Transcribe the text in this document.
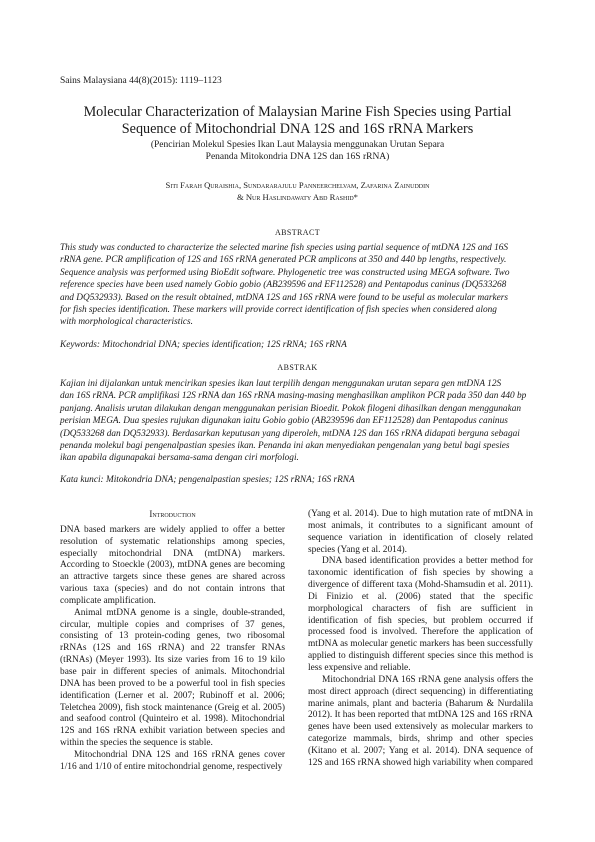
Sains Malaysiana 44(8)(2015): 1119–1123
Molecular Characterization of Malaysian Marine Fish Species using Partial
Sequence of Mitochondrial DNA 12S and 16S rRNA Markers
(Pencirian Molekul Spesies Ikan Laut Malaysia menggunakan Urutan Separa
Penanda Mitokondria DNA 12S dan 16S rRNA)
Siti Farah Quraishia, Sundararajulu Panneerchelvam, Zafarina Zainuddin
& Nur Haslindawaty Abd Rashid*
ABSTRACT
This study was conducted to characterize the selected marine fish species using partial sequence of mtDNA 12S and 16S
rRNA gene. PCR amplification of 12S and 16S rRNA generated PCR amplicons at 350 and 440 bp lengths, respectively.
Sequence analysis was performed using BioEdit software. Phylogenetic tree was constructed using MEGA software. Two
reference species have been used namely Gobio gobio (AB239596 and EF112528) and Pentapodus caninus (DQ533268
and DQ532933). Based on the result obtained, mtDNA 12S and 16S rRNA were found to be useful as molecular markers
for fish species identification. These markers will provide correct identification of fish species when considered along
with morphological characteristics.
Keywords: Mitochondrial DNA; species identification; 12S rRNA; 16S rRNA
ABSTRAK
Kajian ini dijalankan untuk mencirikan spesies ikan laut terpilih dengan menggunakan urutan separa gen mtDNA 12S
dan 16S rRNA. PCR amplifikasi 12S rRNA dan 16S rRNA masing-masing menghasilkan amplikon PCR pada 350 dan 440 bp
panjang. Analisis urutan dilakukan dengan menggunakan perisian Bioedit. Pokok filogeni dihasilkan dengan menggunakan
perisian MEGA. Dua spesies rujukan digunakan iaitu Gobio gobio (AB239596 dan EF112528) dan Pentapodus caninus
(DQ533268 dan DQ532933). Berdasarkan keputusan yang diperoleh, mtDNA 12S dan 16S rRNA didapati berguna sebagai
penanda molekul bagi pengenalpastian spesies ikan. Penanda ini akan menyediakan pengenalan yang betul bagi spesies
ikan apabila digunapakai bersama-sama dengan ciri morfologi.
Kata kunci: Mitokondria DNA; pengenalpastian spesies; 12S rRNA; 16S rRNA
Introduction

DNA based markers are widely applied to offer a better resolution of systematic relationships among species, especially mitochondrial DNA (mtDNA) markers. According to Stoeckle (2003), mtDNA genes are becoming an attractive targets since these genes are shared across various taxa (species) and do not contain introns that complicate amplification.

Animal mtDNA genome is a single, double-stranded, circular, multiple copies and comprises of 37 genes, consisting of 13 protein-coding genes, two ribosomal rRNAs (12S and 16S rRNA) and 22 transfer RNAs (tRNAs) (Meyer 1993). Its size varies from 16 to 19 kilo base pair in different species of animals. Mitochondrial DNA has been proved to be a powerful tool in fish species identification (Lerner et al. 2007; Rubinoff et al. 2006; Teletchea 2009), fish stock maintenance (Greig et al. 2005) and seafood control (Quinteiro et al. 1998). Mitochondrial 12S and 16S rRNA exhibit variation between species and within the species the sequence is stable.

Mitochondrial DNA 12S and 16S rRNA genes cover 1/16 and 1/10 of entire mitochondrial genome, respectively

(Yang et al. 2014). Due to high mutation rate of mtDNA in most animals, it contributes to a significant amount of sequence variation in identification of closely related species (Yang et al. 2014).

DNA based identification provides a better method for taxonomic identification of fish species by showing a divergence of different taxa (Mohd-Shamsudin et al. 2011). Di Finizio et al. (2006) stated that the specific morphological characters of fish are sufficient in identification of fish species, but problem occurred if processed food is involved. Therefore the application of mtDNA as molecular genetic markers has been successfully applied to distinguish different species since this method is less expensive and reliable.

Mitochondrial DNA 16S rRNA gene analysis offers the most direct approach (direct sequencing) in differentiating marine animals, plant and bacteria (Baharum & Nurdalila 2012). It has been reported that mtDNA 12S and 16S rRNA genes have been used extensively as molecular markers to categorize mammals, birds, shrimp and other species (Kitano et al. 2007; Yang et al. 2014). DNA sequence of 12S and 16S rRNA showed high variability when compared
